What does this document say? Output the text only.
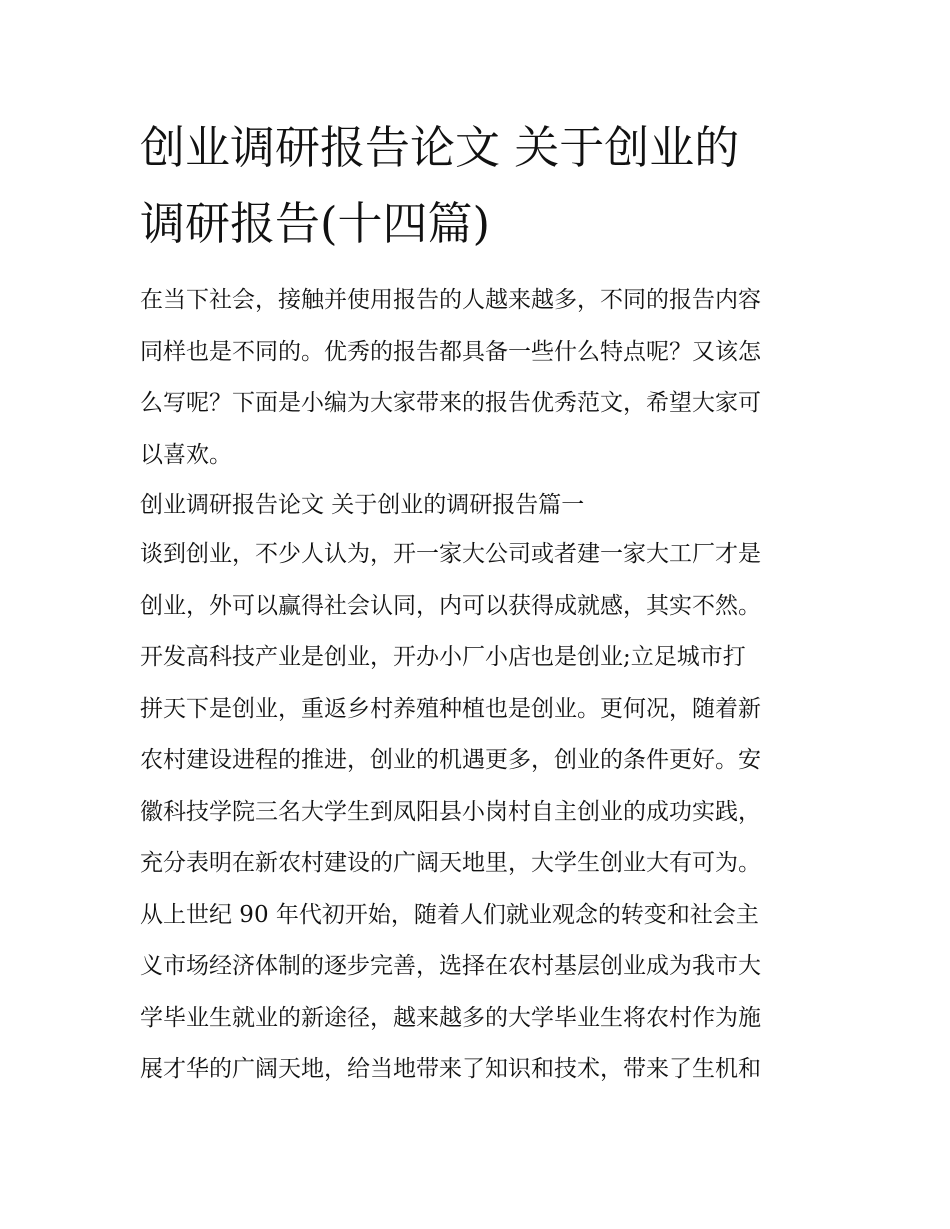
创业调研报告论文 关于创业的
调研报告(十四篇)
在当下社会，接触并使用报告的人越来越多，不同的报告内容
同样也是不同的。优秀的报告都具备一些什么特点呢？又该怎
么写呢？下面是小编为大家带来的报告优秀范文，希望大家可
以喜欢。
创业调研报告论文 关于创业的调研报告篇一
谈到创业，不少人认为，开一家大公司或者建一家大工厂才是
创业，外可以赢得社会认同，内可以获得成就感，其实不然。
开发高科技产业是创业，开办小厂小店也是创业;立足城市打
拼天下是创业，重返乡村养殖种植也是创业。更何况，随着新
农村建设进程的推进，创业的机遇更多，创业的条件更好。安
徽科技学院三名大学生到凤阳县小岗村自主创业的成功实践，
充分表明在新农村建设的广阔天地里，大学生创业大有可为。
从上世纪 90 年代初开始，随着人们就业观念的转变和社会主
义市场经济体制的逐步完善，选择在农村基层创业成为我市大
学毕业生就业的新途径，越来越多的大学毕业生将农村作为施
展才华的广阔天地，给当地带来了知识和技术，带来了生机和
